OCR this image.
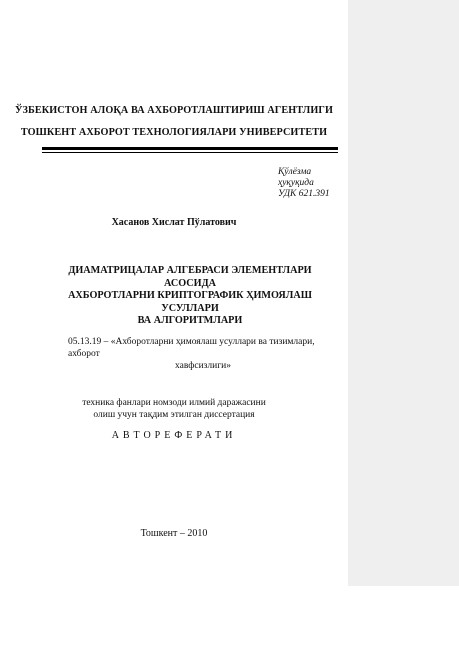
ЎЗБЕКИСТОН АЛОҚА ВА АХБОРОТЛАШТИРИШ АГЕНТЛИГИ
ТОШКЕНТ АХБОРОТ ТЕХНОЛОГИЯЛАРИ УНИВЕРСИТЕТИ
Қўлёзма ҳуқуқида
УДК 621.391
Хасанов Хислат Пўлатович
ДИАМАТРИЦАЛАР АЛГЕБРАСИ ЭЛЕМЕНТЛАРИ АСОСИДА
АХБОРОТЛАРНИ КРИПТОГРАФИК ҲИМОЯЛАШ УСУЛЛАРИ
ВА АЛГОРИТМЛАРИ
05.13.19 – «Ахборотларни ҳимоялаш усуллари ва тизимлари, ахборот
хавфсизлиги»
техника фанлари номзоди илмий даражасини
олиш учун тақдим этилган диссертация
АВТОРЕФЕРАТИ
Тошкент – 2010
